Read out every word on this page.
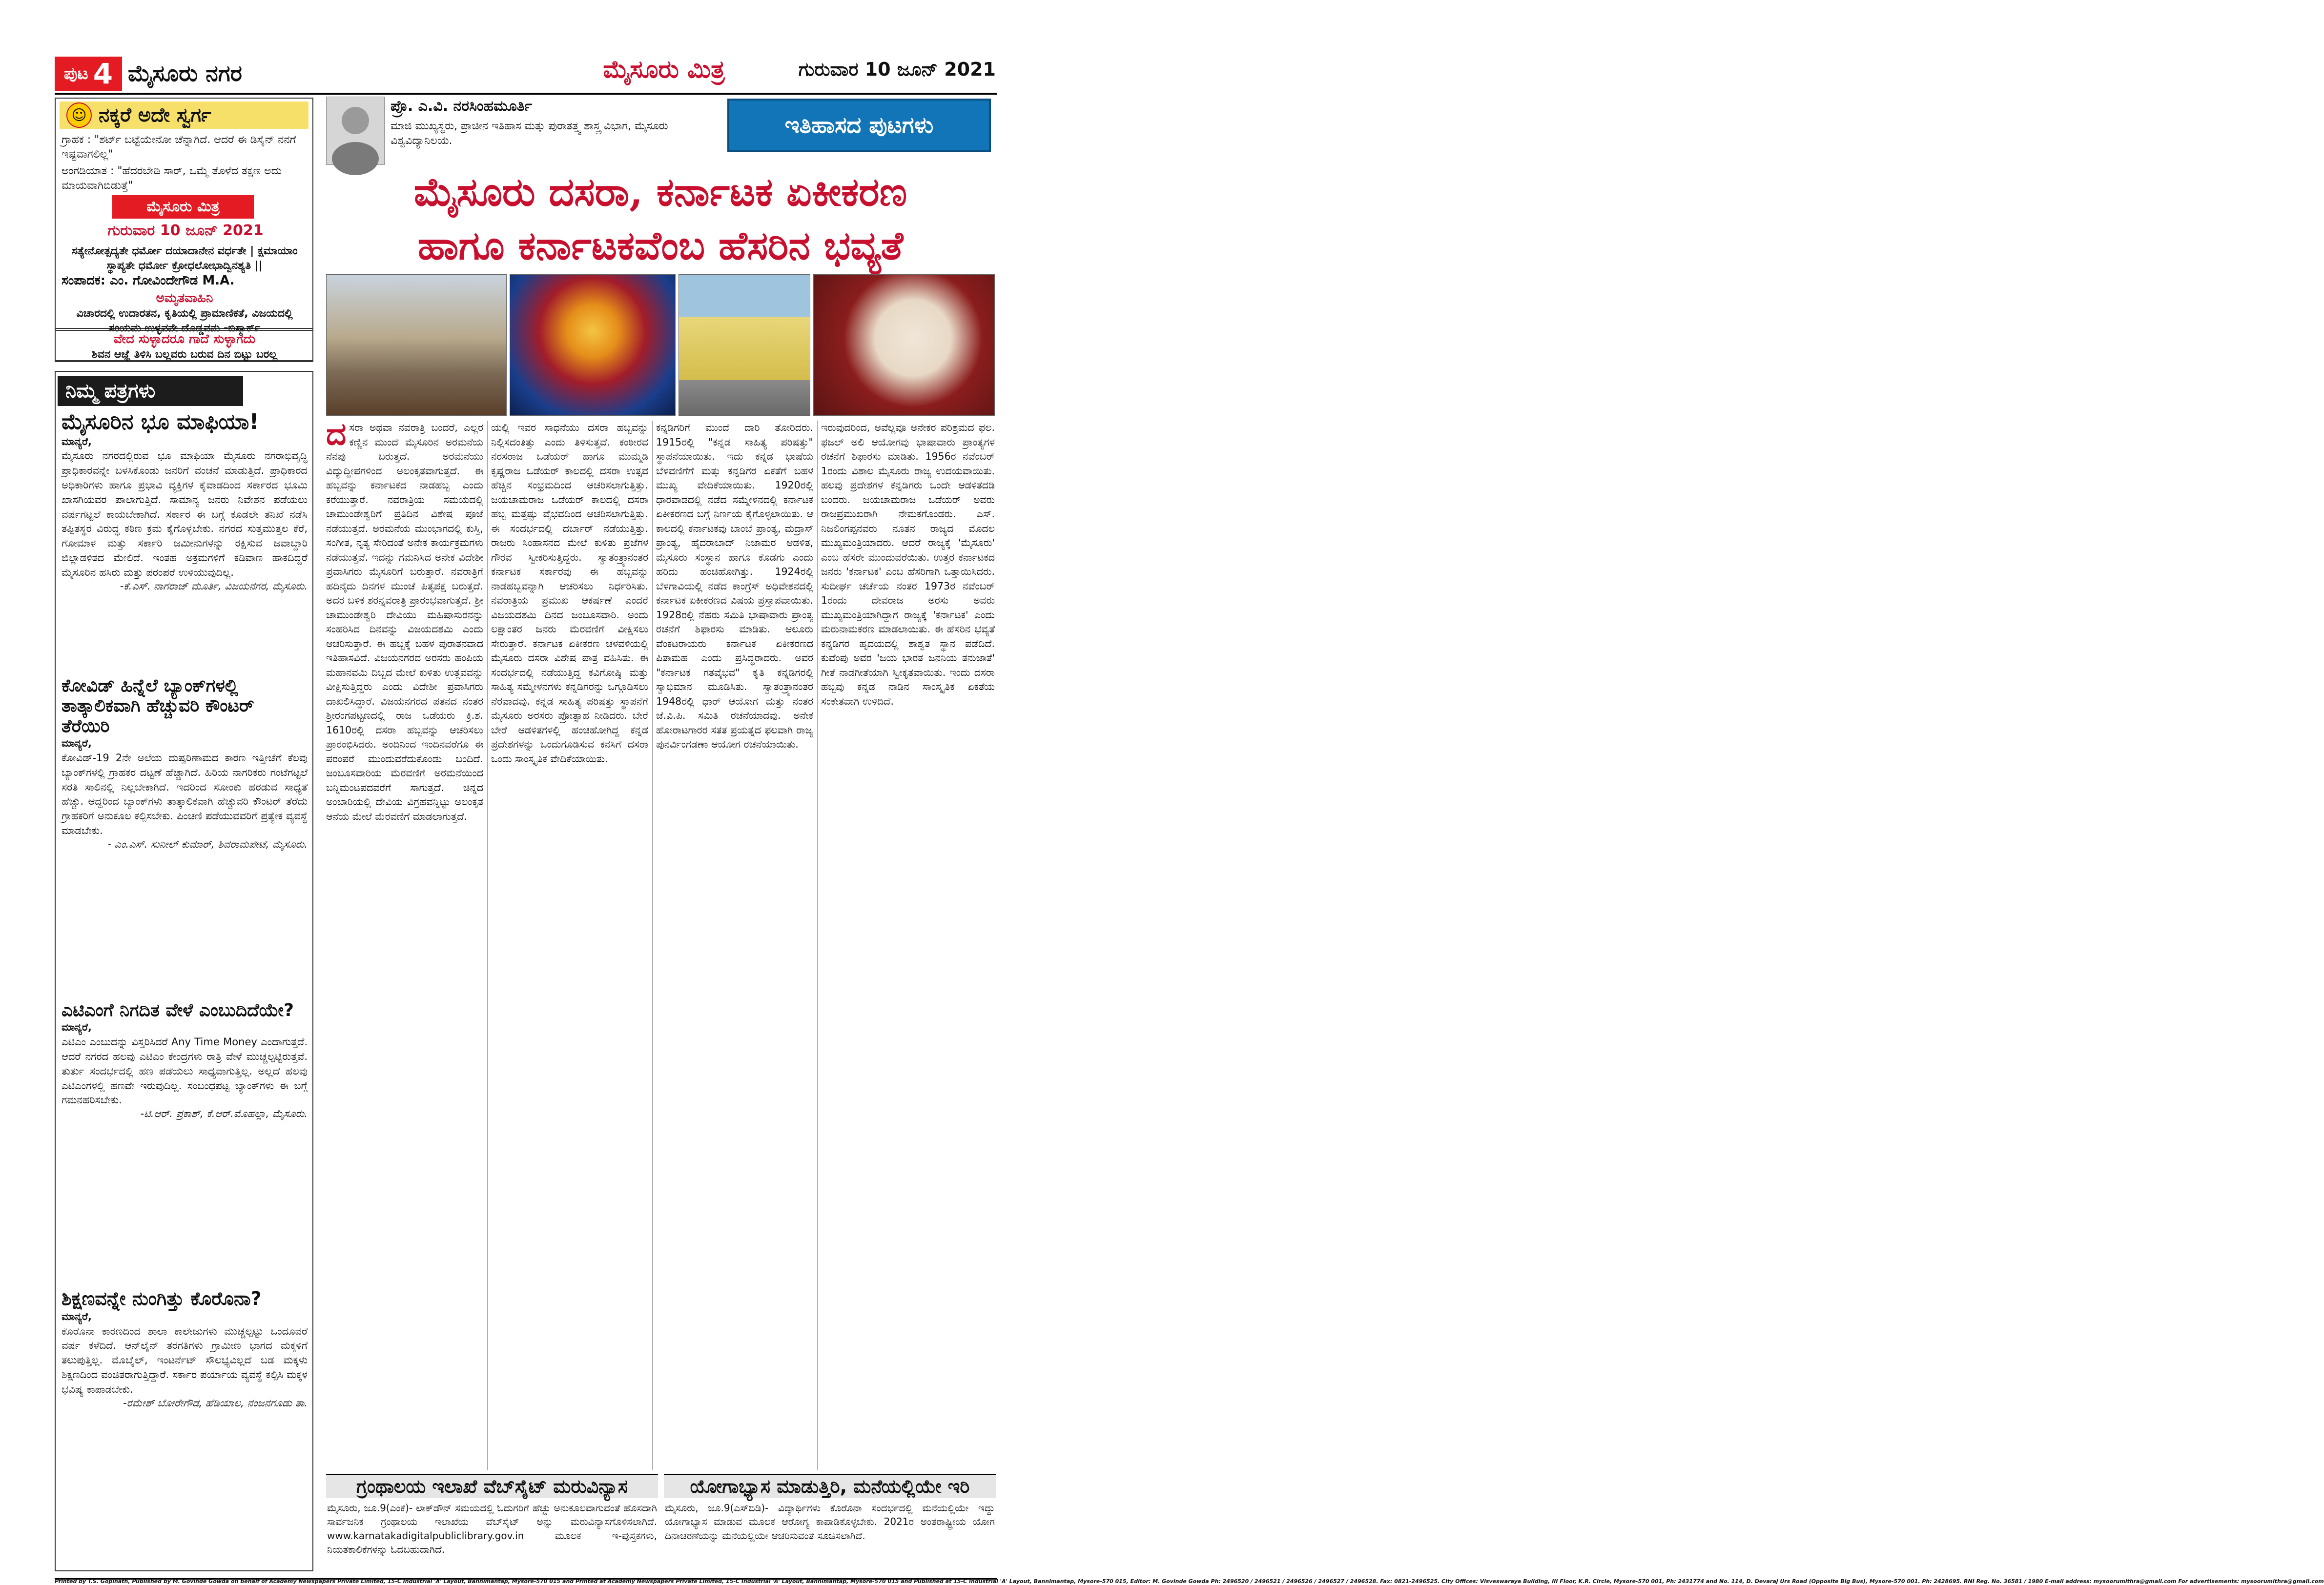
ಪುಟ 4 ಮೈಸೂರು ನಗರ	ಮೈಸೂರು ಮಿತ್ರ	ಗುರುವಾರ 10 ಜೂನ್ 2021
☺ ನಕ್ಕರೆ ಅದೇ ಸ್ವರ್ಗ
ಗ್ರಾಹಕ : "ಶರ್ಟ್ ಬಟ್ಟೆಯೇನೋ ಚೆನ್ನಾಗಿದೆ. ಆದರೆ ಈ ಡಿಸೈನ್ ನನಗೆ ಇಷ್ಟವಾಗಲಿಲ್ಲ"
ಅಂಗಡಿಯಾತ : "ಹೆದರಬೇಡಿ ಸಾರ್, ಒಮ್ಮೆ ತೊಳೆದ ತಕ್ಷಣ ಅದು ಮಾಯವಾಗಿಬಿಡುತ್ತೆ"
ಮೈಸೂರು ಮಿತ್ರ
ಗುರುವಾರ 10 ಜೂನ್ 2021
ಸತ್ಯೇನೋತ್ಪದ್ಯತೇ ಧರ್ಮೋ ದಯಾದಾನೇನ ವರ್ಧತೇ | ಕ್ಷಮಾಯಾಂ ಸ್ಥಾಪ್ಯತೇ ಧರ್ಮೋ ಕ್ರೋಧಲೋಭಾದ್ವಿನಶ್ಯತಿ ||
ಸಂಪಾದಕ: ಎಂ. ಗೋವಿಂದೇಗೌಡ M.A.
ಅಮೃತವಾಹಿನಿ
ವಿಚಾರದಲ್ಲಿ ಉದಾರತನ, ಕೃತಿಯಲ್ಲಿ ಪ್ರಾಮಾಣಿಕತೆ, ವಿಜಯದಲ್ಲಿ ಸಂಯಮ ಉಳ್ಳವನೇ ದೊಡ್ಡವನು -ಬಿಸ್ಮಾರ್ಕ್
ವೇದ ಸುಳ್ಳಾದರೂ ಗಾದೆ ಸುಳ್ಳಾಗದು
ಶಿವನ ಆಜ್ಞೆ ತಿಳಿಸಿ ಬಲ್ಲವರು ಬರುವ ದಿನ ಬಿಟ್ಟು ಬರಲ್ಲ
ನಿಮ್ಮ ಪತ್ರಗಳು
ಮೈಸೂರಿನ ಭೂ ಮಾಫಿಯಾ!
ಮಾನ್ಯರೆ,
ಮೈಸೂರು ನಗರದಲ್ಲಿರುವ ಭೂ ಮಾಫಿಯಾ ಮೈಸೂರು ನಗರಾಭಿವೃದ್ಧಿ ಪ್ರಾಧಿಕಾರವನ್ನೇ ಬಳಸಿಕೊಂಡು ಜನರಿಗೆ ವಂಚನೆ ಮಾಡುತ್ತಿದೆ. ಪ್ರಾಧಿಕಾರದ ಅಧಿಕಾರಿಗಳು ಹಾಗೂ ಪ್ರಭಾವಿ ವ್ಯಕ್ತಿಗಳ ಕೈವಾಡದಿಂದ ಸರ್ಕಾರದ ಭೂಮಿ ಖಾಸಗಿಯವರ ಪಾಲಾಗುತ್ತಿದೆ. ಸಾಮಾನ್ಯ ಜನರು ನಿವೇಶನ ಪಡೆಯಲು ವರ್ಷಗಟ್ಟಲೆ ಕಾಯಬೇಕಾಗಿದೆ. ಸರ್ಕಾರ ಈ ಬಗ್ಗೆ ಕೂಡಲೇ ತನಿಖೆ ನಡೆಸಿ ತಪ್ಪಿತಸ್ಥರ ವಿರುದ್ಧ ಕಠಿಣ ಕ್ರಮ ಕೈಗೊಳ್ಳಬೇಕು. ನಗರದ ಸುತ್ತಮುತ್ತಲ ಕೆರೆ, ಗೋಮಾಳ ಮತ್ತು ಸರ್ಕಾರಿ ಜಮೀನುಗಳನ್ನು ರಕ್ಷಿಸುವ ಜವಾಬ್ದಾರಿ ಜಿಲ್ಲಾಡಳಿತದ ಮೇಲಿದೆ. ಇಂತಹ ಅಕ್ರಮಗಳಿಗೆ ಕಡಿವಾಣ ಹಾಕದಿದ್ದರೆ ಮೈಸೂರಿನ ಹಸಿರು ಮತ್ತು ಪರಂಪರೆ ಉಳಿಯುವುದಿಲ್ಲ.
-ಕೆ.ಎಸ್. ನಾಗರಾಜ್ ಮೂರ್ತಿ, ವಿಜಯನಗರ, ಮೈಸೂರು.
ಕೋವಿಡ್ ಹಿನ್ನೆಲೆ ಬ್ಯಾಂಕ್‌ಗಳಲ್ಲಿ ತಾತ್ಕಾಲಿಕವಾಗಿ ಹೆಚ್ಚುವರಿ ಕೌಂಟರ್ ತೆರೆಯಿರಿ
ಮಾನ್ಯರೆ,
ಕೋವಿಡ್-19 2ನೇ ಅಲೆಯ ದುಷ್ಪರಿಣಾಮದ ಕಾರಣ ಇತ್ತೀಚೆಗೆ ಕೆಲವು ಬ್ಯಾಂಕ್‌ಗಳಲ್ಲಿ ಗ್ರಾಹಕರ ದಟ್ಟಣೆ ಹೆಚ್ಚಾಗಿದೆ. ಹಿರಿಯ ನಾಗರಿಕರು ಗಂಟೆಗಟ್ಟಲೆ ಸರತಿ ಸಾಲಿನಲ್ಲಿ ನಿಲ್ಲಬೇಕಾಗಿದೆ. ಇದರಿಂದ ಸೋಂಕು ಹರಡುವ ಸಾಧ್ಯತೆ ಹೆಚ್ಚು. ಆದ್ದರಿಂದ ಬ್ಯಾಂಕ್‌ಗಳು ತಾತ್ಕಾಲಿಕವಾಗಿ ಹೆಚ್ಚುವರಿ ಕೌಂಟರ್ ತೆರೆದು ಗ್ರಾಹಕರಿಗೆ ಅನುಕೂಲ ಕಲ್ಪಿಸಬೇಕು. ಪಿಂಚಣಿ ಪಡೆಯುವವರಿಗೆ ಪ್ರತ್ಯೇಕ ವ್ಯವಸ್ಥೆ ಮಾಡಬೇಕು.
- ಎಂ.ಎಸ್. ಸುನೀಲ್ ಕುಮಾರ್, ಶಿವರಾಮಪೇಟೆ, ಮೈಸೂರು.
ಎಟಿಎಂಗೆ ನಿಗದಿತ ವೇಳೆ ಎಂಬುದಿದೆಯೇ?
ಮಾನ್ಯರೆ,
ಎಟಿಎಂ ಎಂಬುದನ್ನು ವಿಸ್ತರಿಸಿದರೆ Any Time Money ಎಂದಾಗುತ್ತದೆ. ಆದರೆ ನಗರದ ಹಲವು ಎಟಿಎಂ ಕೇಂದ್ರಗಳು ರಾತ್ರಿ ವೇಳೆ ಮುಚ್ಚಲ್ಪಟ್ಟಿರುತ್ತವೆ. ತುರ್ತು ಸಂದರ್ಭದಲ್ಲಿ ಹಣ ಪಡೆಯಲು ಸಾಧ್ಯವಾಗುತ್ತಿಲ್ಲ. ಅಲ್ಲದೆ ಹಲವು ಎಟಿಎಂಗಳಲ್ಲಿ ಹಣವೇ ಇರುವುದಿಲ್ಲ. ಸಂಬಂಧಪಟ್ಟ ಬ್ಯಾಂಕ್‌ಗಳು ಈ ಬಗ್ಗೆ ಗಮನಹರಿಸಬೇಕು.
-ಟಿ.ಆರ್. ಪ್ರಕಾಶ್, ಕೆ.ಆರ್.ಮೊಹಲ್ಲಾ, ಮೈಸೂರು.
ಶಿಕ್ಷಣವನ್ನೇ ನುಂಗಿತ್ತು ಕೊರೊನಾ?
ಮಾನ್ಯರೆ,
ಕೊರೊನಾ ಕಾರಣದಿಂದ ಶಾಲಾ ಕಾಲೇಜುಗಳು ಮುಚ್ಚಲ್ಪಟ್ಟು ಒಂದೂವರೆ ವರ್ಷ ಕಳೆದಿದೆ. ಆನ್‌ಲೈನ್ ತರಗತಿಗಳು ಗ್ರಾಮೀಣ ಭಾಗದ ಮಕ್ಕಳಿಗೆ ತಲುಪುತ್ತಿಲ್ಲ. ಮೊಬೈಲ್, ಇಂಟರ್ನೆಟ್ ಸೌಲಭ್ಯವಿಲ್ಲದೆ ಬಡ ಮಕ್ಕಳು ಶಿಕ್ಷಣದಿಂದ ವಂಚಿತರಾಗುತ್ತಿದ್ದಾರೆ. ಸರ್ಕಾರ ಪರ್ಯಾಯ ವ್ಯವಸ್ಥೆ ಕಲ್ಪಿಸಿ ಮಕ್ಕಳ ಭವಿಷ್ಯ ಕಾಪಾಡಬೇಕು.
-ರಮೇಶ್ ಬೋರೇಗೌಡ, ಹೆಡಿಯಾಲ, ನಂಜನಗೂಡು ತಾ.
ಪ್ರೊ. ಎ.ವಿ. ನರಸಿಂಹಮೂರ್ತಿ
ಮಾಜಿ ಮುಖ್ಯಸ್ಥರು, ಪ್ರಾಚೀನ ಇತಿಹಾಸ ಮತ್ತು ಪುರಾತತ್ತ್ವ ಶಾಸ್ತ್ರ ವಿಭಾಗ, ಮೈಸೂರು ವಿಶ್ವವಿದ್ಯಾನಿಲಯ.
ಇತಿಹಾಸದ ಪುಟಗಳು
ಮೈಸೂರು ದಸರಾ, ಕರ್ನಾಟಕ ಏಕೀಕರಣ
ಹಾಗೂ ಕರ್ನಾಟಕವೆಂಬ ಹೆಸರಿನ ಭವ್ಯತೆ
ದಸರಾ ಅಥವಾ ನವರಾತ್ರಿ ಬಂದರೆ, ಎಲ್ಲರ ಕಣ್ಣಿನ ಮುಂದೆ ಮೈಸೂರಿನ ಅರಮನೆಯ ನೆನಪು ಬರುತ್ತದೆ. ಅರಮನೆಯು ವಿದ್ಯುದ್ದೀಪಗಳಿಂದ ಅಲಂಕೃತವಾಗುತ್ತದೆ. ಈ ಹಬ್ಬವನ್ನು ಕರ್ನಾಟಕದ ನಾಡಹಬ್ಬ ಎಂದು ಕರೆಯುತ್ತಾರೆ. ನವರಾತ್ರಿಯ ಸಮಯದಲ್ಲಿ ಚಾಮುಂಡೇಶ್ವರಿಗೆ ಪ್ರತಿದಿನ ವಿಶೇಷ ಪೂಜೆ ನಡೆಯುತ್ತದೆ. ಅರಮನೆಯ ಮುಂಭಾಗದಲ್ಲಿ ಕುಸ್ತಿ, ಸಂಗೀತ, ನೃತ್ಯ ಸೇರಿದಂತೆ ಅನೇಕ ಕಾರ್ಯಕ್ರಮಗಳು ನಡೆಯುತ್ತವೆ. ಇದನ್ನು ಗಮನಿಸಿದ ಅನೇಕ ವಿದೇಶೀ ಪ್ರವಾಸಿಗರು ಮೈಸೂರಿಗೆ ಬರುತ್ತಾರೆ. ನವರಾತ್ರಿಗೆ ಹದಿನೈದು ದಿನಗಳ ಮುಂಚೆ ಪಿತೃಪಕ್ಷ ಬರುತ್ತದೆ. ಅದರ ಬಳಿಕ ಶರನ್ನವರಾತ್ರಿ ಪ್ರಾರಂಭವಾಗುತ್ತದೆ. ಶ್ರೀ ಚಾಮುಂಡೇಶ್ವರಿ ದೇವಿಯು ಮಹಿಷಾಸುರನನ್ನು ಸಂಹರಿಸಿದ ದಿನವನ್ನು ವಿಜಯದಶಮಿ ಎಂದು ಆಚರಿಸುತ್ತಾರೆ. ಈ ಹಬ್ಬಕ್ಕೆ ಬಹಳ ಪುರಾತನವಾದ ಇತಿಹಾಸವಿದೆ. ವಿಜಯನಗರದ ಅರಸರು ಹಂಪಿಯ ಮಹಾನವಮಿ ದಿಬ್ಬದ ಮೇಲೆ ಕುಳಿತು ಉತ್ಸವವನ್ನು ವೀಕ್ಷಿಸುತ್ತಿದ್ದರು ಎಂದು ವಿದೇಶೀ ಪ್ರವಾಸಿಗರು ದಾಖಲಿಸಿದ್ದಾರೆ. ವಿಜಯನಗರದ ಪತನದ ನಂತರ ಶ್ರೀರಂಗಪಟ್ಟಣದಲ್ಲಿ ರಾಜ ಒಡೆಯರು ಕ್ರಿ.ಶ. 1610ರಲ್ಲಿ ದಸರಾ ಹಬ್ಬವನ್ನು ಆಚರಿಸಲು ಪ್ರಾರಂಭಿಸಿದರು. ಅಂದಿನಿಂದ ಇಂದಿನವರೆಗೂ ಈ ಪರಂಪರೆ ಮುಂದುವರೆದುಕೊಂಡು ಬಂದಿದೆ. ಜಂಬೂಸವಾರಿಯ ಮೆರವಣಿಗೆ ಅರಮನೆಯಿಂದ ಬನ್ನಿಮಂಟಪದವರೆಗೆ ಸಾಗುತ್ತದೆ. ಚಿನ್ನದ ಅಂಬಾರಿಯಲ್ಲಿ ದೇವಿಯ ವಿಗ್ರಹವನ್ನಿಟ್ಟು ಅಲಂಕೃತ ಆನೆಯ ಮೇಲೆ ಮೆರವಣಿಗೆ ಮಾಡಲಾಗುತ್ತದೆ.
ಯಲ್ಲಿ ಇವರ ಸಾಧನೆಯು ದಸರಾ ಹಬ್ಬವನ್ನು ನಿಲ್ಲಿಸದಂತಿತ್ತು ಎಂದು ತಿಳಿಸುತ್ತವೆ. ಕಂಠೀರವ ನರಸರಾಜ ಒಡೆಯರ್ ಹಾಗೂ ಮುಮ್ಮಡಿ ಕೃಷ್ಣರಾಜ ಒಡೆಯರ್ ಕಾಲದಲ್ಲಿ ದಸರಾ ಉತ್ಸವ ಹೆಚ್ಚಿನ ಸಂಭ್ರಮದಿಂದ ಆಚರಿಸಲಾಗುತ್ತಿತ್ತು. ಜಯಚಾಮರಾಜ ಒಡೆಯರ್ ಕಾಲದಲ್ಲಿ ದಸರಾ ಹಬ್ಬ ಮತ್ತಷ್ಟು ವೈಭವದಿಂದ ಆಚರಿಸಲಾಗುತ್ತಿತ್ತು. ಈ ಸಂದರ್ಭದಲ್ಲಿ ದರ್ಬಾರ್ ನಡೆಯುತ್ತಿತ್ತು. ರಾಜರು ಸಿಂಹಾಸನದ ಮೇಲೆ ಕುಳಿತು ಪ್ರಜೆಗಳ ಗೌರವ ಸ್ವೀಕರಿಸುತ್ತಿದ್ದರು. ಸ್ವಾತಂತ್ರ್ಯಾನಂತರ ಕರ್ನಾಟಕ ಸರ್ಕಾರವು ಈ ಹಬ್ಬವನ್ನು ನಾಡಹಬ್ಬವನ್ನಾಗಿ ಆಚರಿಸಲು ನಿರ್ಧರಿಸಿತು. ನವರಾತ್ರಿಯ ಪ್ರಮುಖ ಆಕರ್ಷಣೆ ಎಂದರೆ ವಿಜಯದಶಮಿ ದಿನದ ಜಂಬೂಸವಾರಿ. ಅಂದು ಲಕ್ಷಾಂತರ ಜನರು ಮೆರವಣಿಗೆ ವೀಕ್ಷಿಸಲು ಸೇರುತ್ತಾರೆ. ಕರ್ನಾಟಕ ಏಕೀಕರಣ ಚಳವಳಿಯಲ್ಲಿ ಮೈಸೂರು ದಸರಾ ವಿಶೇಷ ಪಾತ್ರ ವಹಿಸಿತು. ಈ ಸಂದರ್ಭದಲ್ಲಿ ನಡೆಯುತ್ತಿದ್ದ ಕವಿಗೋಷ್ಠಿ ಮತ್ತು ಸಾಹಿತ್ಯ ಸಮ್ಮೇಳನಗಳು ಕನ್ನಡಿಗರನ್ನು ಒಗ್ಗೂಡಿಸಲು ನೆರವಾದವು. ಕನ್ನಡ ಸಾಹಿತ್ಯ ಪರಿಷತ್ತು ಸ್ಥಾಪನೆಗೆ ಮೈಸೂರು ಅರಸರು ಪ್ರೋತ್ಸಾಹ ನೀಡಿದರು. ಬೇರೆ ಬೇರೆ ಆಡಳಿತಗಳಲ್ಲಿ ಹಂಚಿಹೋಗಿದ್ದ ಕನ್ನಡ ಪ್ರದೇಶಗಳನ್ನು ಒಂದುಗೂಡಿಸುವ ಕನಸಿಗೆ ದಸರಾ ಒಂದು ಸಾಂಸ್ಕೃತಿಕ ವೇದಿಕೆಯಾಯಿತು.
ಕನ್ನಡಿಗರಿಗೆ ಮುಂದೆ ದಾರಿ ತೋರಿದರು. 1915ರಲ್ಲಿ "ಕನ್ನಡ ಸಾಹಿತ್ಯ ಪರಿಷತ್ತು" ಸ್ಥಾಪನೆಯಾಯಿತು. ಇದು ಕನ್ನಡ ಭಾಷೆಯ ಬೆಳವಣಿಗೆಗೆ ಮತ್ತು ಕನ್ನಡಿಗರ ಏಕತೆಗೆ ಬಹಳ ಮುಖ್ಯ ವೇದಿಕೆಯಾಯಿತು. 1920ರಲ್ಲಿ ಧಾರವಾಡದಲ್ಲಿ ನಡೆದ ಸಮ್ಮೇಳನದಲ್ಲಿ ಕರ್ನಾಟಕ ಏಕೀಕರಣದ ಬಗ್ಗೆ ನಿರ್ಣಯ ಕೈಗೊಳ್ಳಲಾಯಿತು. ಆ ಕಾಲದಲ್ಲಿ ಕರ್ನಾಟಕವು ಬಾಂಬೆ ಪ್ರಾಂತ್ಯ, ಮದ್ರಾಸ್ ಪ್ರಾಂತ್ಯ, ಹೈದರಾಬಾದ್ ನಿಜಾಮರ ಆಡಳಿತ, ಮೈಸೂರು ಸಂಸ್ಥಾನ ಹಾಗೂ ಕೊಡಗು ಎಂದು ಹರಿದು ಹಂಚಿಹೋಗಿತ್ತು. 1924ರಲ್ಲಿ ಬೆಳಗಾವಿಯಲ್ಲಿ ನಡೆದ ಕಾಂಗ್ರೆಸ್ ಅಧಿವೇಶನದಲ್ಲಿ ಕರ್ನಾಟಕ ಏಕೀಕರಣದ ವಿಷಯ ಪ್ರಸ್ತಾಪವಾಯಿತು. 1928ರಲ್ಲಿ ನೆಹರು ಸಮಿತಿ ಭಾಷಾವಾರು ಪ್ರಾಂತ್ಯ ರಚನೆಗೆ ಶಿಫಾರಸು ಮಾಡಿತು. ಆಲೂರು ವೆಂಕಟರಾಯರು ಕರ್ನಾಟಕ ಏಕೀಕರಣದ ಪಿತಾಮಹ ಎಂದು ಪ್ರಸಿದ್ಧರಾದರು. ಅವರ "ಕರ್ನಾಟಕ ಗತವೈಭವ" ಕೃತಿ ಕನ್ನಡಿಗರಲ್ಲಿ ಸ್ವಾಭಿಮಾನ ಮೂಡಿಸಿತು. ಸ್ವಾತಂತ್ರ್ಯಾನಂತರ 1948ರಲ್ಲಿ ಧಾರ್ ಆಯೋಗ ಮತ್ತು ನಂತರ ಜೆ.ವಿ.ಪಿ. ಸಮಿತಿ ರಚನೆಯಾದವು. ಅನೇಕ ಹೋರಾಟಗಾರರ ಸತತ ಪ್ರಯತ್ನದ ಫಲವಾಗಿ ರಾಜ್ಯ ಪುನರ್ವಿಂಗಡಣಾ ಆಯೋಗ ರಚನೆಯಾಯಿತು.
ಇರುವುದರಿಂದ, ಅವೆಲ್ಲವೂ ಅನೇಕರ ಪರಿಶ್ರಮದ ಫಲ. ಫಜಲ್ ಅಲಿ ಆಯೋಗವು ಭಾಷಾವಾರು ಪ್ರಾಂತ್ಯಗಳ ರಚನೆಗೆ ಶಿಫಾರಸು ಮಾಡಿತು. 1956ರ ನವೆಂಬರ್ 1ರಂದು ವಿಶಾಲ ಮೈಸೂರು ರಾಜ್ಯ ಉದಯವಾಯಿತು. ಹಲವು ಪ್ರದೇಶಗಳ ಕನ್ನಡಿಗರು ಒಂದೇ ಆಡಳಿತದಡಿ ಬಂದರು. ಜಯಚಾಮರಾಜ ಒಡೆಯರ್ ಅವರು ರಾಜಪ್ರಮುಖರಾಗಿ ನೇಮಕಗೊಂಡರು. ಎಸ್. ನಿಜಲಿಂಗಪ್ಪನವರು ನೂತನ ರಾಜ್ಯದ ಮೊದಲ ಮುಖ್ಯಮಂತ್ರಿಯಾದರು. ಆದರೆ ರಾಜ್ಯಕ್ಕೆ 'ಮೈಸೂರು' ಎಂಬ ಹೆಸರೇ ಮುಂದುವರೆಯಿತು. ಉತ್ತರ ಕರ್ನಾಟಕದ ಜನರು 'ಕರ್ನಾಟಕ' ಎಂಬ ಹೆಸರಿಗಾಗಿ ಒತ್ತಾಯಿಸಿದರು. ಸುದೀರ್ಘ ಚರ್ಚೆಯ ನಂತರ 1973ರ ನವೆಂಬರ್ 1ರಂದು ದೇವರಾಜ ಅರಸು ಅವರು ಮುಖ್ಯಮಂತ್ರಿಯಾಗಿದ್ದಾಗ ರಾಜ್ಯಕ್ಕೆ 'ಕರ್ನಾಟಕ' ಎಂದು ಮರುನಾಮಕರಣ ಮಾಡಲಾಯಿತು. ಈ ಹೆಸರಿನ ಭವ್ಯತೆ ಕನ್ನಡಿಗರ ಹೃದಯದಲ್ಲಿ ಶಾಶ್ವತ ಸ್ಥಾನ ಪಡೆದಿದೆ. ಕುವೆಂಪು ಅವರ 'ಜಯ ಭಾರತ ಜನನಿಯ ತನುಜಾತೆ' ಗೀತೆ ನಾಡಗೀತೆಯಾಗಿ ಸ್ವೀಕೃತವಾಯಿತು. ಇಂದು ದಸರಾ ಹಬ್ಬವು ಕನ್ನಡ ನಾಡಿನ ಸಾಂಸ್ಕೃತಿಕ ಏಕತೆಯ ಸಂಕೇತವಾಗಿ ಉಳಿದಿದೆ.
ಗ್ರಂಥಾಲಯ ಇಲಾಖೆ ವೆಬ್‌ಸೈಟ್ ಮರುವಿನ್ಯಾಸ	ಯೋಗಾಭ್ಯಾಸ ಮಾಡುತ್ತಿರಿ, ಮನೆಯಲ್ಲಿಯೇ ಇರಿ
ಮೈಸೂರು, ಜೂ.9(ಎಂಕೆ)- ಲಾಕ್‌ಡೌನ್ ಸಮಯದಲ್ಲಿ ಓದುಗರಿಗೆ ಹೆಚ್ಚು ಅನುಕೂಲವಾಗುವಂತೆ ಹೊಸದಾಗಿ ಸಾರ್ವಜನಿಕ ಗ್ರಂಥಾಲಯ ಇಲಾಖೆಯ ವೆಬ್‌ಸೈಟ್ ಅನ್ನು ಮರುವಿನ್ಯಾಸಗೊಳಿಸಲಾಗಿದೆ. www.karnatakadigitalpubliclibrary.gov.in ಮೂಲಕ ಇ-ಪುಸ್ತಕಗಳು, ನಿಯತಕಾಲಿಕೆಗಳನ್ನು ಓದಬಹುದಾಗಿದೆ.
ಮೈಸೂರು, ಜೂ.9(ಎಸ್‌ಬಿಡಿ)- ವಿದ್ಯಾರ್ಥಿಗಳು ಕೊರೊನಾ ಸಂದರ್ಭದಲ್ಲಿ ಮನೆಯಲ್ಲಿಯೇ ಇದ್ದು ಯೋಗಾಭ್ಯಾಸ ಮಾಡುವ ಮೂಲಕ ಆರೋಗ್ಯ ಕಾಪಾಡಿಕೊಳ್ಳಬೇಕು. 2021ರ ಅಂತರಾಷ್ಟ್ರೀಯ ಯೋಗ ದಿನಾಚರಣೆಯನ್ನು ಮನೆಯಲ್ಲಿಯೇ ಆಚರಿಸುವಂತೆ ಸೂಚಿಸಲಾಗಿದೆ.
Printed by T.S. Gopinath, Published by M. Govinde Gowda on behalf of Academy Newspapers Private Limited, 15-C Industrial 'A' Layout, Bannimantap, Mysore-570 015 and Printed at Academy Newspapers Private Limited, 15-C Industrial 'A' Layout, Bannimantap, Mysore-570 015 and Published at 15-C Industrial 'A' Layout, Bannimantap, Mysore-570 015, Editor: M. Govinde Gowda Ph: 2496520 / 2496521 / 2496526 / 2496527 / 2496528. Fax: 0821-2496525. City Offices: Visveswaraya Building, III Floor, K.R. Circle, Mysore-570 001, Ph: 2431774 and No. 114, D. Devaraj Urs Road (Opposite Big Bus), Mysore-570 001. Ph: 2428695. RNI Reg. No. 36581 / 1980 E-mail address: mysoorumithra@gmail.com For advertisements: mysoorumithra@gmail.com
